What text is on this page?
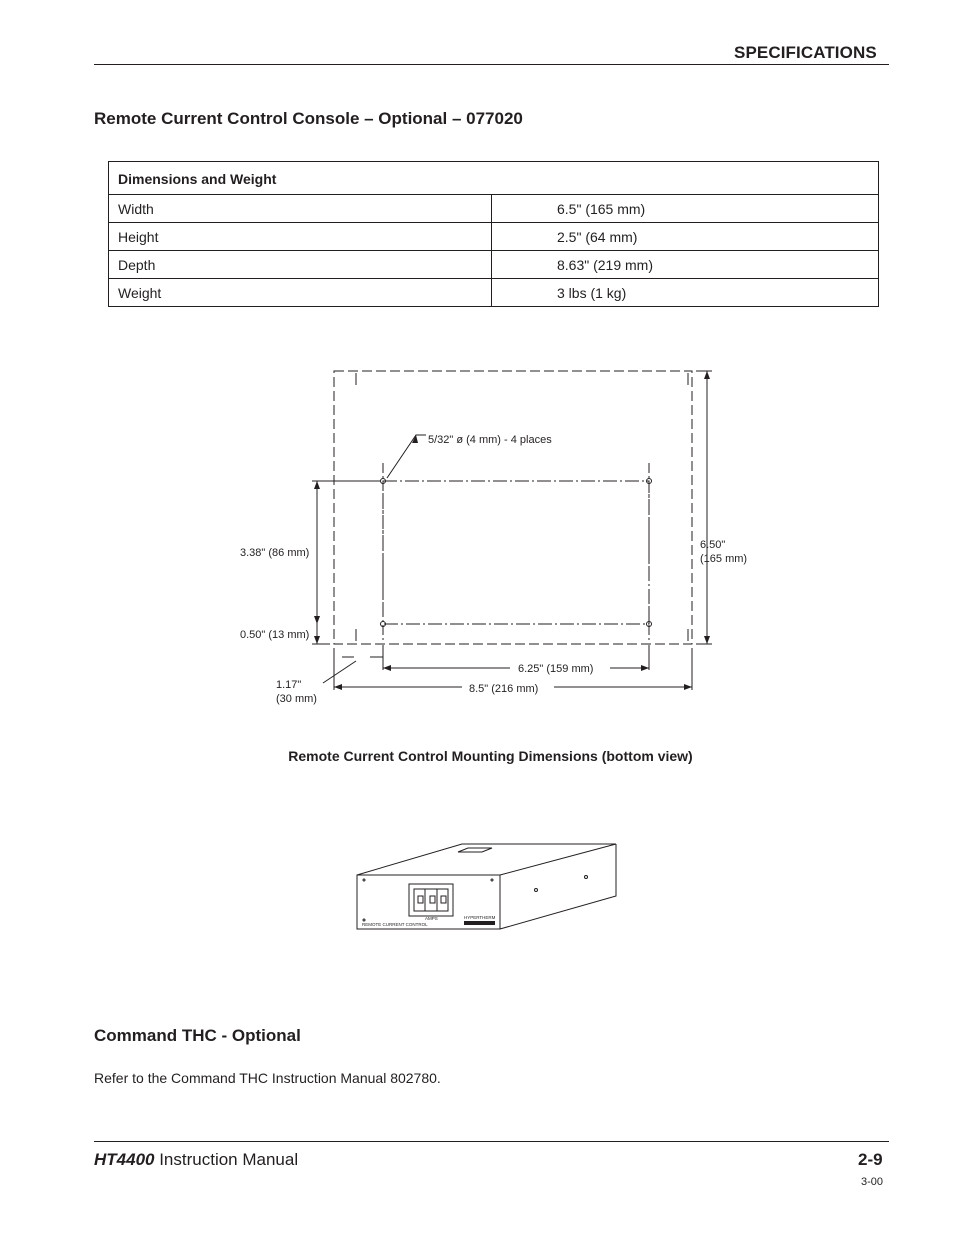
SPECIFICATIONS
Remote Current Control Console – Optional – 077020
Dimensions and Weight	
Width	6.5" (165 mm)
Height	2.5" (64 mm)
Depth	8.63" (219 mm)
Weight	3 lbs (1 kg)
5/32" ø (4 mm) - 4 places
3.38" (86 mm)
0.50" (13 mm)
6.50"
(165 mm)
6.25" (159 mm)
1.17"
(30 mm)
8.5" (216 mm)
Remote Current Control Mounting Dimensions (bottom view)
REMOTE CURRENT CONTROL
AMPS	HYPERTHERM
Command THC - Optional
Refer to the Command THC Instruction Manual 802780.
HT4400 Instruction Manual	2-9
3-00
